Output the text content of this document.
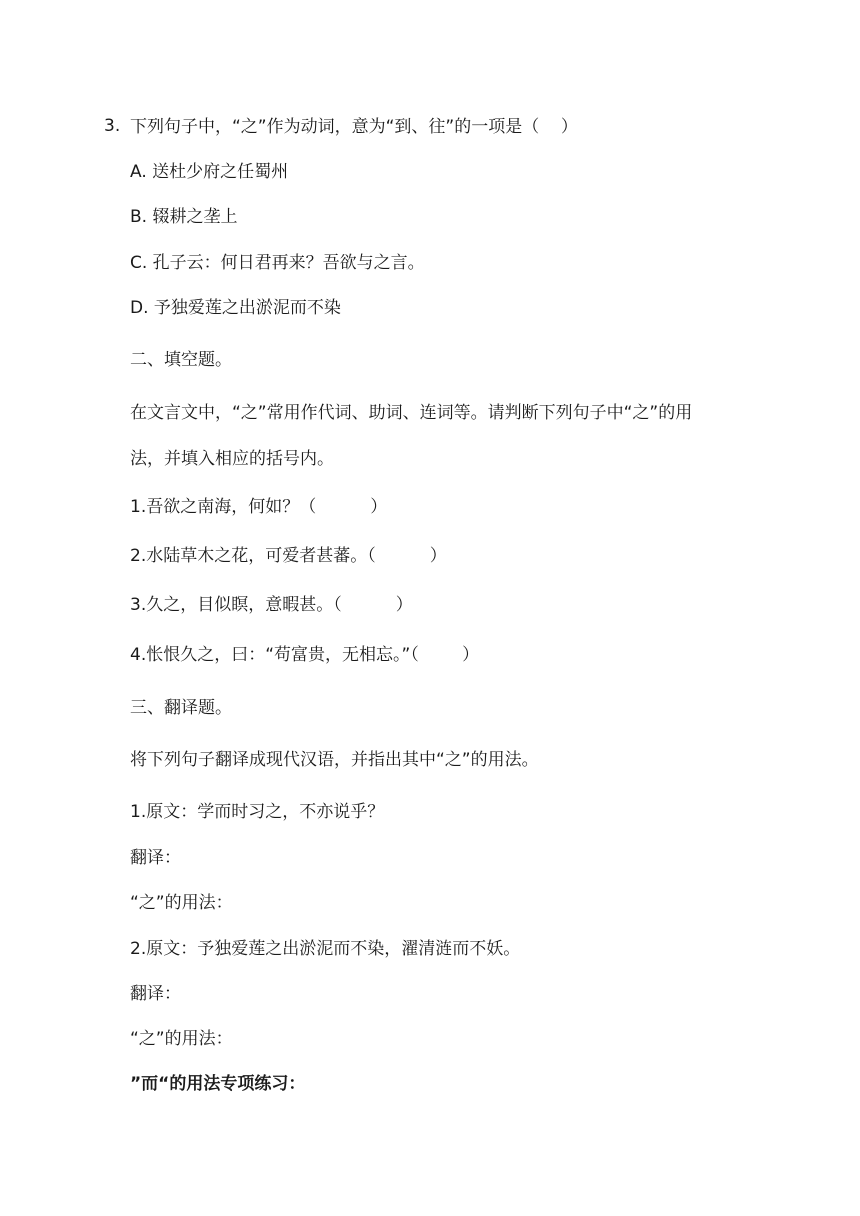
3. 下列句子中，“之”作为动词，意为“到、往”的一项是（    ）
A. 送杜少府之任蜀州
B. 辍耕之垄上
C. 孔子云：何日君再来？吾欲与之言。
D. 予独爱莲之出淤泥而不染
二、填空题。
在文言文中，“之”常用作代词、助词、连词等。请判断下列句子中“之”的用
法，并填入相应的括号内。
1.吾欲之南海，何如？（          ）
2.水陆草木之花，可爱者甚蕃。（          ）
3.久之，目似瞑，意暇甚。（          ）
4.怅恨久之，曰：“苟富贵，无相忘。”（        ）
三、翻译题。
将下列句子翻译成现代汉语，并指出其中“之”的用法。
1.原文：学而时习之，不亦说乎？
翻译：
“之”的用法：
2.原文：予独爱莲之出淤泥而不染，濯清涟而不妖。
翻译：
“之”的用法：
”而“的用法专项练习：
